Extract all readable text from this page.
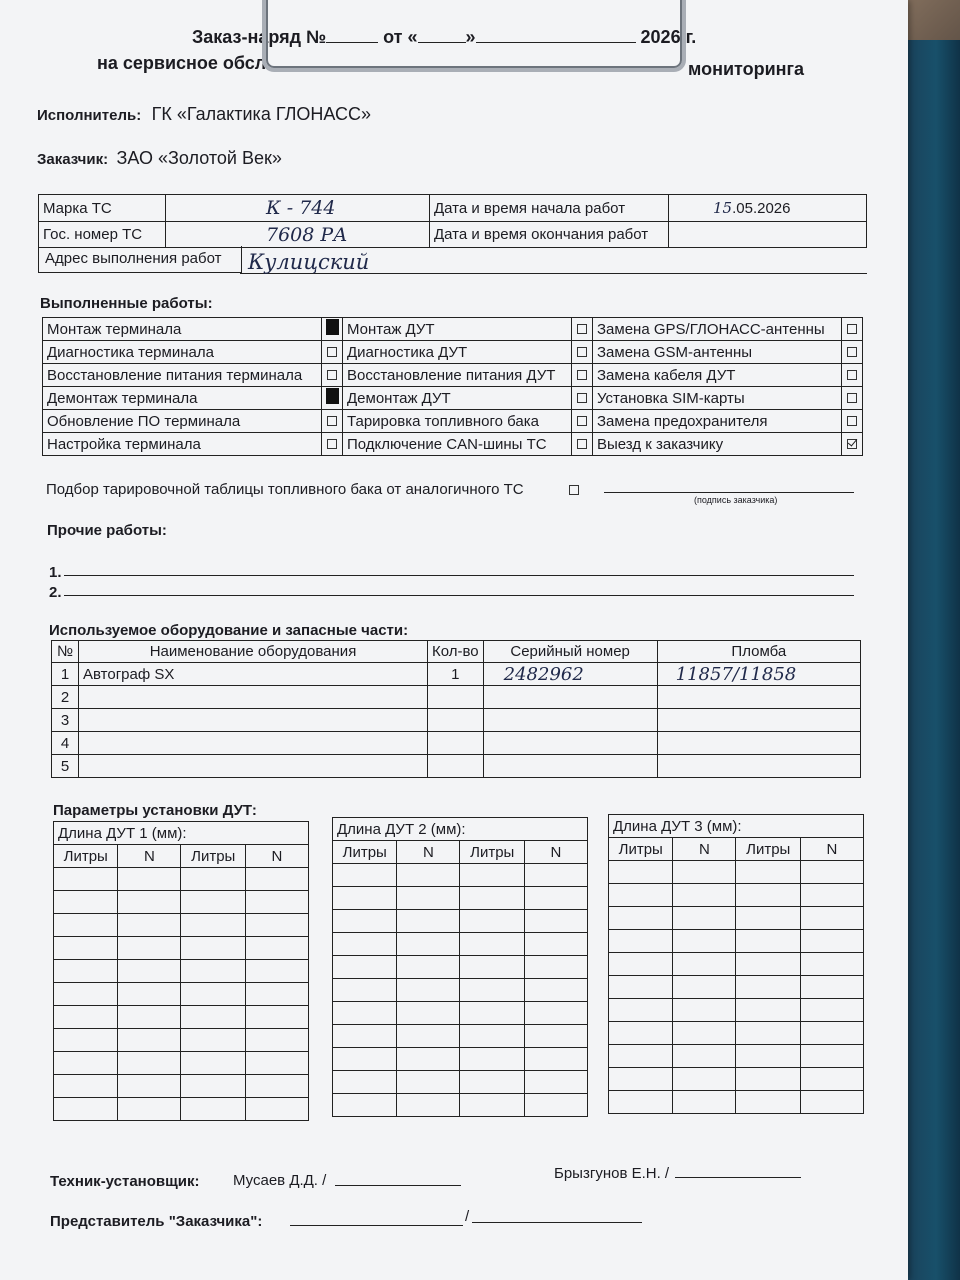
Заказ-наряд №	от «	»	2026 г.
на сервисное обсл	мониторинга
Исполнитель: ГК «Галактика ГЛОНАСС»
Заказчик: ЗАО «Золотой Век»
Марка ТС	К - 744	Дата и время начала работ	15.05.2026
Гос. номер ТС	7608 РА	Дата и время окончания работ	
Адрес выполнения работ Кулицский
Выполненные работы:
Монтаж терминала		Монтаж ДУТ		Замена GPS/ГЛОНАСС-антенны	
Диагностика терминала		Диагностика ДУТ		Замена GSM-антенны	
Восстановление питания терминала		Восстановление питания ДУТ		Замена кабеля ДУТ	
Демонтаж терминала		Демонтаж ДУТ		Установка SIM-карты	
Обновление ПО терминала		Тарировка топливного бака		Замена предохранителя	
Настройка терминала		Подключение CAN-шины ТС		Выезд к заказчику	
Подбор тарировочной таблицы топливного бака от аналогичного ТС
(подпись заказчика)
Прочие работы:
1.
2.
Используемое оборудование и запасные части:
№	Наименование оборудования	Кол-во	Серийный номер	Пломба
1	Автограф SX	1	2482962	11857/11858
2				
3				
4				
5				
Параметры установки ДУТ:
Длина ДУТ 1 (мм):			
Литры	N	Литры	N

Длина ДУТ 2 (мм):			
Литры	N	Литры	N

Длина ДУТ 3 (мм):			
Литры	N	Литры	N

Техник-установщик: Мусаев Д.Д. /	Брызгунов Е.Н. /
Представитель "Заказчика":	/
